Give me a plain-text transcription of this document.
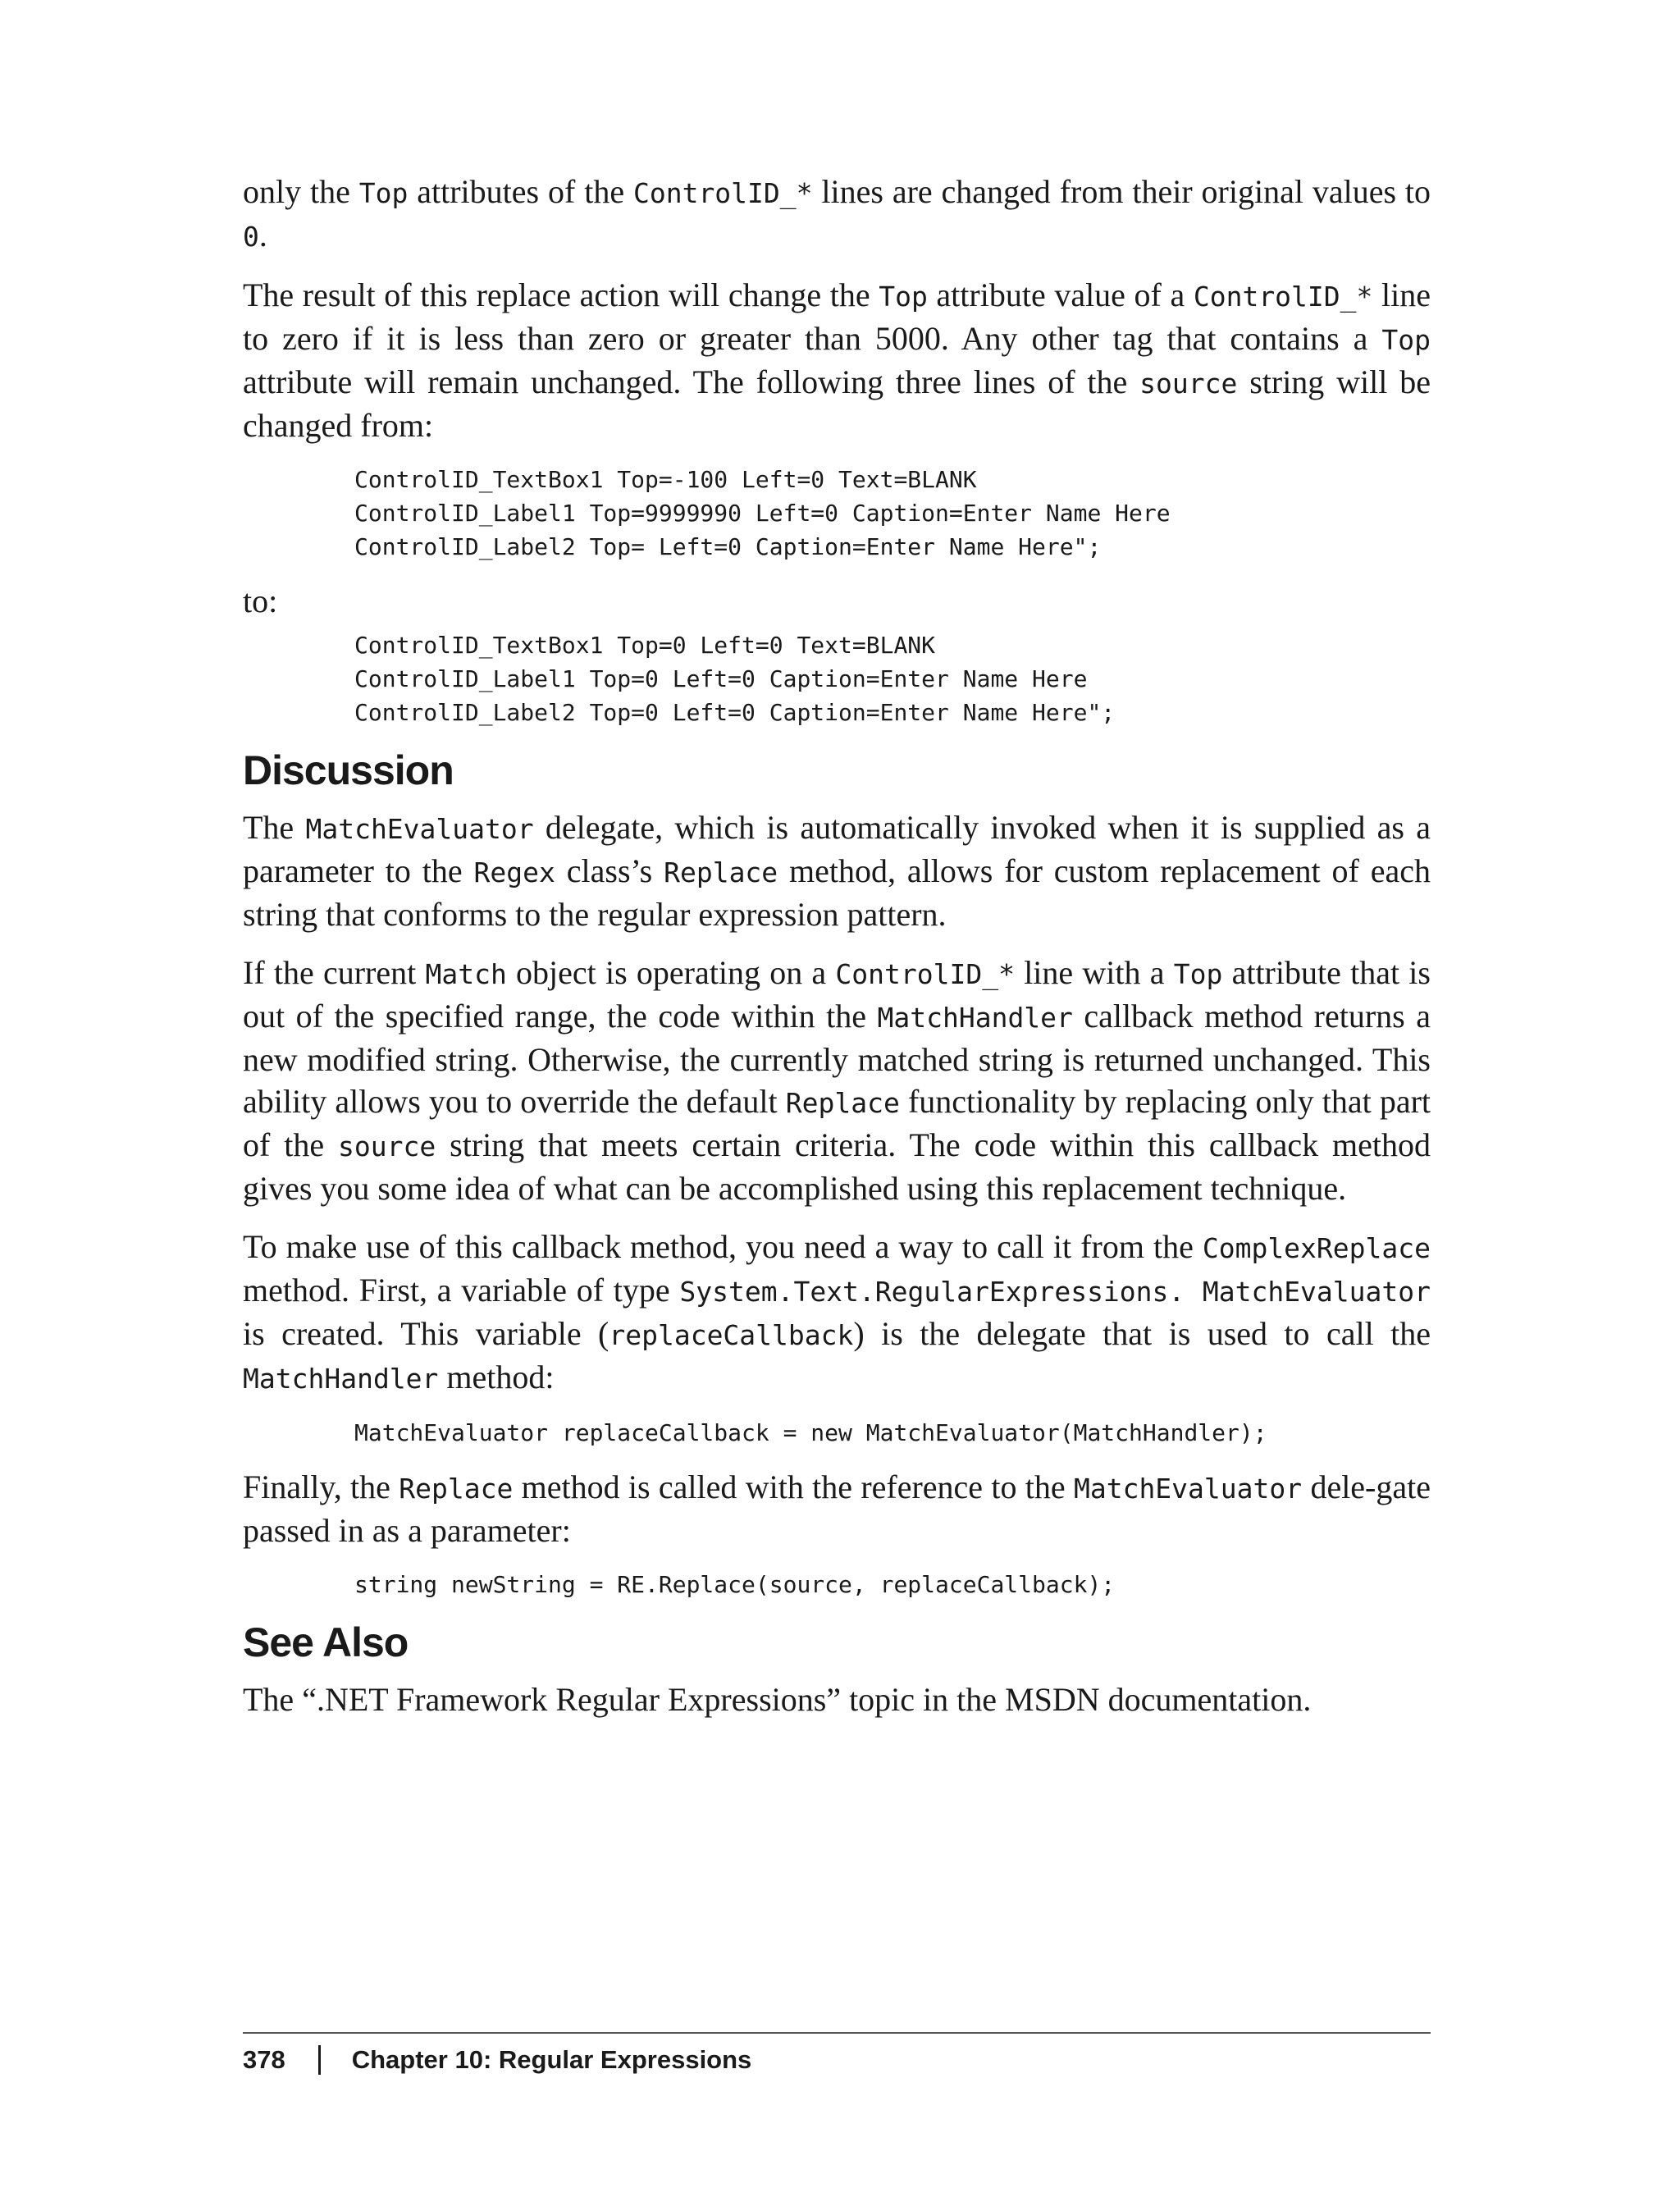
only the Top attributes of the ControlID_* lines are changed from their original values to 0.

The result of this replace action will change the Top attribute value of a ControlID_* line to zero if it is less than zero or greater than 5000. Any other tag that contains a Top attribute will remain unchanged. The following three lines of the source string will be changed from:

ControlID_TextBox1 Top=-100 Left=0 Text=BLANK
ControlID_Label1 Top=9999990 Left=0 Caption=Enter Name Here
ControlID_Label2 Top= Left=0 Caption=Enter Name Here";

to:

ControlID_TextBox1 Top=0 Left=0 Text=BLANK
ControlID_Label1 Top=0 Left=0 Caption=Enter Name Here
ControlID_Label2 Top=0 Left=0 Caption=Enter Name Here";
Discussion

The MatchEvaluator delegate, which is automatically invoked when it is supplied as a parameter to the Regex class’s Replace method, allows for custom replacement of each string that conforms to the regular expression pattern.

If the current Match object is operating on a ControlID_* line with a Top attribute that is out of the specified range, the code within the MatchHandler callback method returns a new modified string. Otherwise, the currently matched string is returned unchanged. This ability allows you to override the default Replace functionality by replacing only that part of the source string that meets certain criteria. The code within this callback method gives you some idea of what can be accomplished using this replacement technique.

To make use of this callback method, you need a way to call it from the ComplexReplace method. First, a variable of type System.Text.RegularExpressions. MatchEvaluator is created. This variable (replaceCallback) is the delegate that is used to call the MatchHandler method:

MatchEvaluator replaceCallback = new MatchEvaluator(MatchHandler);

Finally, the Replace method is called with the reference to the MatchEvaluator dele-gate passed in as a parameter:

string newString = RE.Replace(source, replaceCallback);
See Also

The “.NET Framework Regular Expressions” topic in the MSDN documentation.

378	Chapter 10: Regular Expressions
